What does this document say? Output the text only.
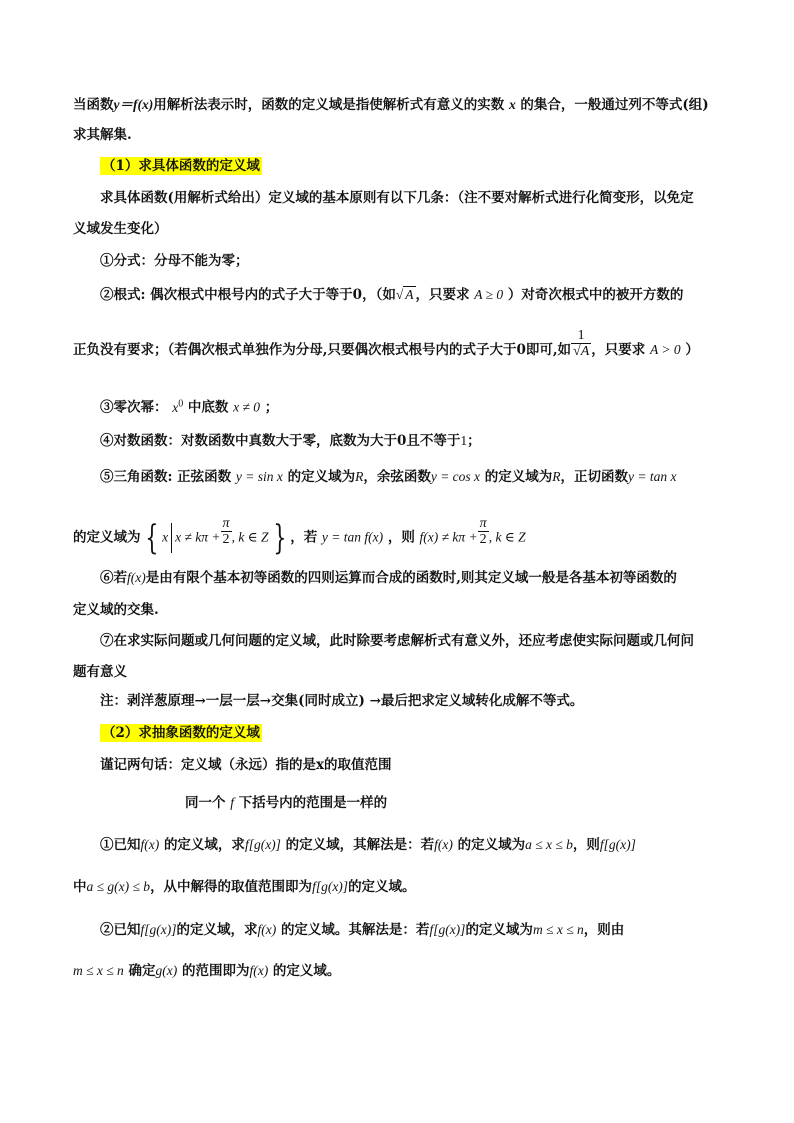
当函数y＝f(x)用解析法表示时，函数的定义域是指使解析式有意义的实数 x 的集合，一般通过列不等式(组)
求其解集.
（1）求具体函数的定义域
求具体函数(用解析式给出）定义域的基本原则有以下几条：（注不要对解析式进行化简变形，以免定
义域发生变化）
①分式：分母不能为零；
②根式: 偶次根式中根号内的式子大于等于0，（如√ A ，只要求 A ≥ 0 ）对奇次根式中的被开方数的
正负没有要求；（若偶次根式单独作为分母,只要偶次根式根号内的式子大于0即可,如 $\frac{1}{√A}$ ，只要求 A > 0 ）
③零次幂： $x^0$ 中底数 x ≠ 0 ；
④对数函数：对数函数中真数大于零，底数为大于0且不等于1；
⑤三角函数: 正弦函数 y = sin x 的定义域为R，余弦函数y = cos x 的定义域为R，正切函数y = tan x
的定义域为 { x $x \ne k\pi + \frac{\pi}{2}$ , k ∈ Z } ，若 y = tan f(x) ，则 $f(x) \ne k\pi + \frac{\pi}{2}$ , k ∈ Z
⑥若f(x)是由有限个基本初等函数的四则运算而合成的函数时,则其定义域一般是各基本初等函数的
定义域的交集.
⑦在求实际问题或几何问题的定义域，此时除要考虑解析式有意义外，还应考虑使实际问题或几何问
题有意义
注：剥洋葱原理→一层一层→交集(同时成立) →最后把求定义域转化成解不等式。
（2）求抽象函数的定义域
谨记两句话：定义域（永远）指的是x的取值范围
同一个 f 下括号内的范围是一样的
①已知f(x) 的定义域，求f[g(x)] 的定义域，其解法是：若f(x) 的定义域为a ≤ x ≤ b，则f[g(x)]
中a ≤ g(x) ≤ b，从中解得的取值范围即为f[g(x)]的定义域。
②已知f[g(x)]的定义域，求f(x) 的定义域。其解法是：若f[g(x)]的定义域为m ≤ x ≤ n，则由
m ≤ x ≤ n 确定g(x) 的范围即为f(x) 的定义域。
